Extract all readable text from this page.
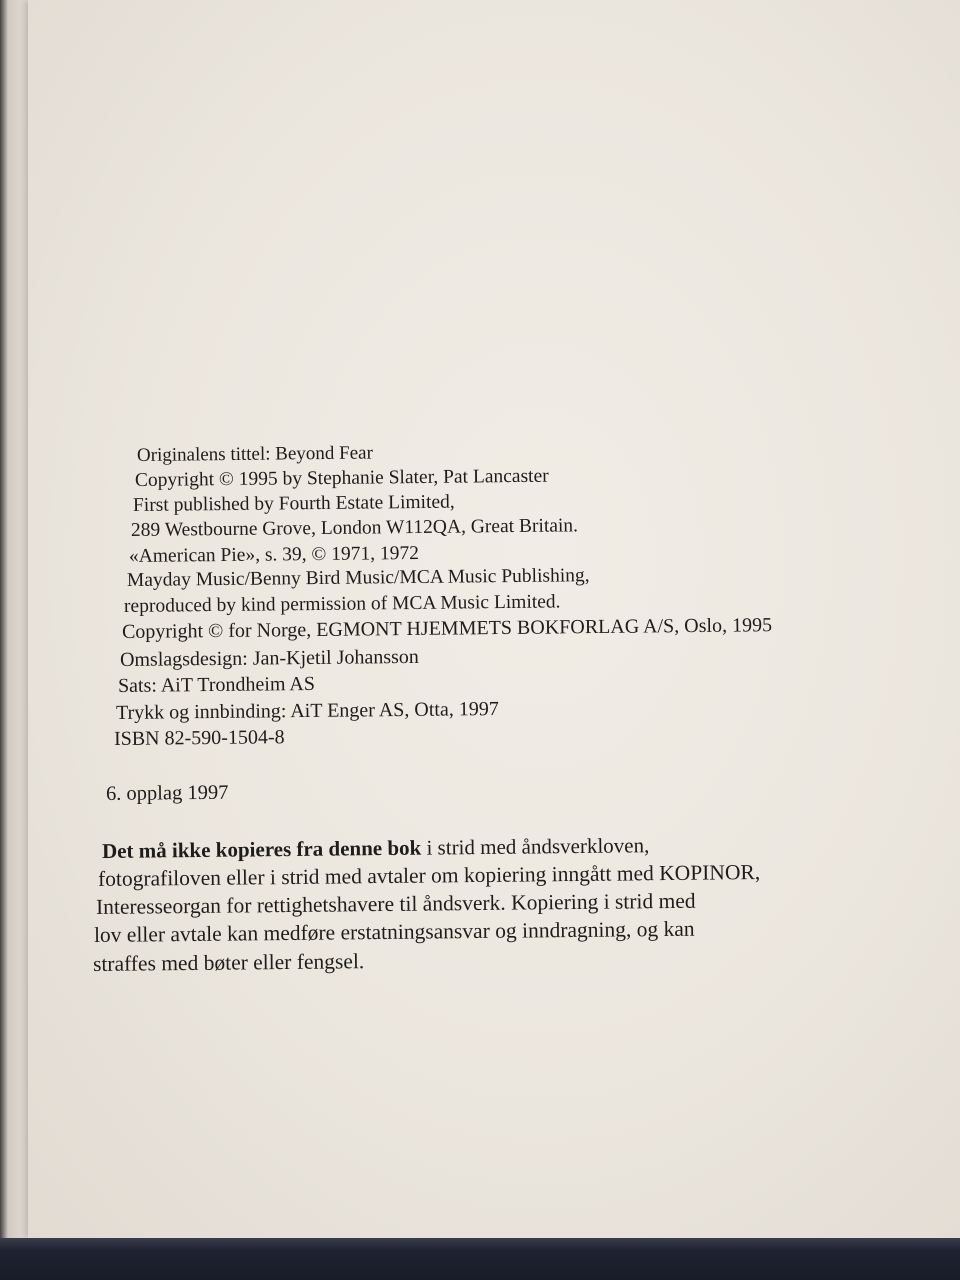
Originalens tittel: Beyond Fear
Copyright © 1995 by Stephanie Slater, Pat Lancaster
First published by Fourth Estate Limited,
289 Westbourne Grove, London W112QA, Great Britain.
«American Pie», s. 39, © 1971, 1972
Mayday Music/Benny Bird Music/MCA Music Publishing,
reproduced by kind permission of MCA Music Limited.
Copyright © for Norge, EGMONT HJEMMETS BOKFORLAG A/S, Oslo, 1995
Omslagsdesign: Jan-Kjetil Johansson
Sats: AiT Trondheim AS
Trykk og innbinding: AiT Enger AS, Otta, 1997
ISBN 82-590-1504-8
6. opplag 1997
Det må ikke kopieres fra denne bok i strid med åndsverkloven,
fotografiloven eller i strid med avtaler om kopiering inngått med KOPINOR,
Interesseorgan for rettighetshavere til åndsverk. Kopiering i strid med
lov eller avtale kan medføre erstatningsansvar og inndragning, og kan
straffes med bøter eller fengsel.
